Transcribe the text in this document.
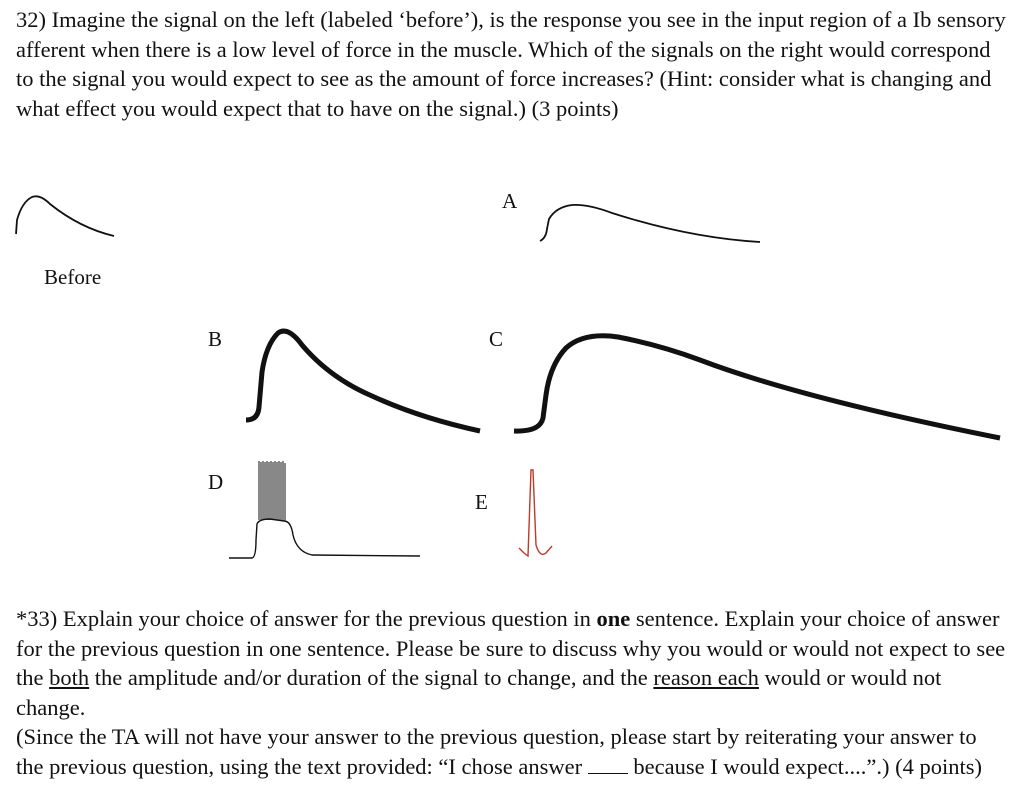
32) Imagine the signal on the left (labeled ‘before’), is the response you see in the input region of a Ib sensory afferent when there is a low level of force in the muscle. Which of the signals on the right would correspond to the signal you would expect to see as the amount of force increases? (Hint: consider what is changing and what effect you would expect that to have on the signal.) (3 points)

Before
A
B	C
D
E

*33) Explain your choice of answer for the previous question in one sentence. Explain your choice of answer for the previous question in one sentence. Please be sure to discuss why you would or would not expect to see the both the amplitude and/or duration of the signal to change, and the reason each would or would not change.
(Since the TA will not have your answer to the previous question, please start by reiterating your answer to the previous question, using the text provided: “I chose answer  because I would expect....”.) (4 points)
